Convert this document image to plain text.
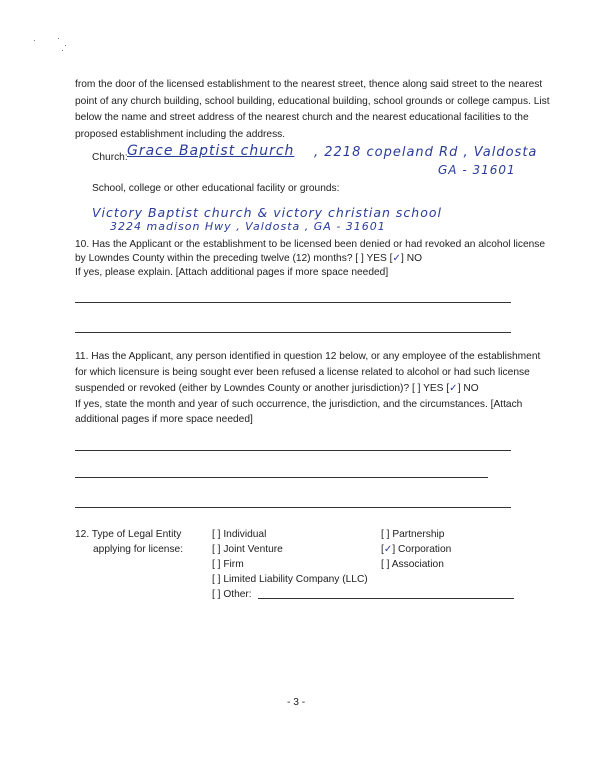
from the door of the licensed establishment to the nearest street, thence along said street to the nearest
point of any church building, school building, educational building, school grounds or college campus. List
below the name and street address of the nearest church and the nearest educational facilities to the
proposed establishment including the address.
Church: Grace Baptist church , 2218 copeland Rd , Valdosta
GA - 31601
School, college or other educational facility or grounds:
Victory Baptist church & victory christian school
3224 madison Hwy , Valdosta , GA - 31601
10. Has the Applicant or the establishment to be licensed been denied or had revoked an alcohol license
by Lowndes County within the preceding twelve (12) months? [ ] YES [✓] NO
If yes, please explain. [Attach additional pages if more space needed]
11. Has the Applicant, any person identified in question 12 below, or any employee of the establishment
for which licensure is being sought ever been refused a license related to alcohol or had such license
suspended or revoked (either by Lowndes County or another jurisdiction)? [ ] YES [✓] NO
If yes, state the month and year of such occurrence, the jurisdiction, and the circumstances. [Attach
additional pages if more space needed]
12. Type of Legal Entity
applying for license:
[ ] Individual
[ ] Joint Venture
[ ] Firm
[ ] Limited Liability Company (LLC)
[ ] Other:
[ ] Partnership
[✓] Corporation
[ ] Association
- 3 -
